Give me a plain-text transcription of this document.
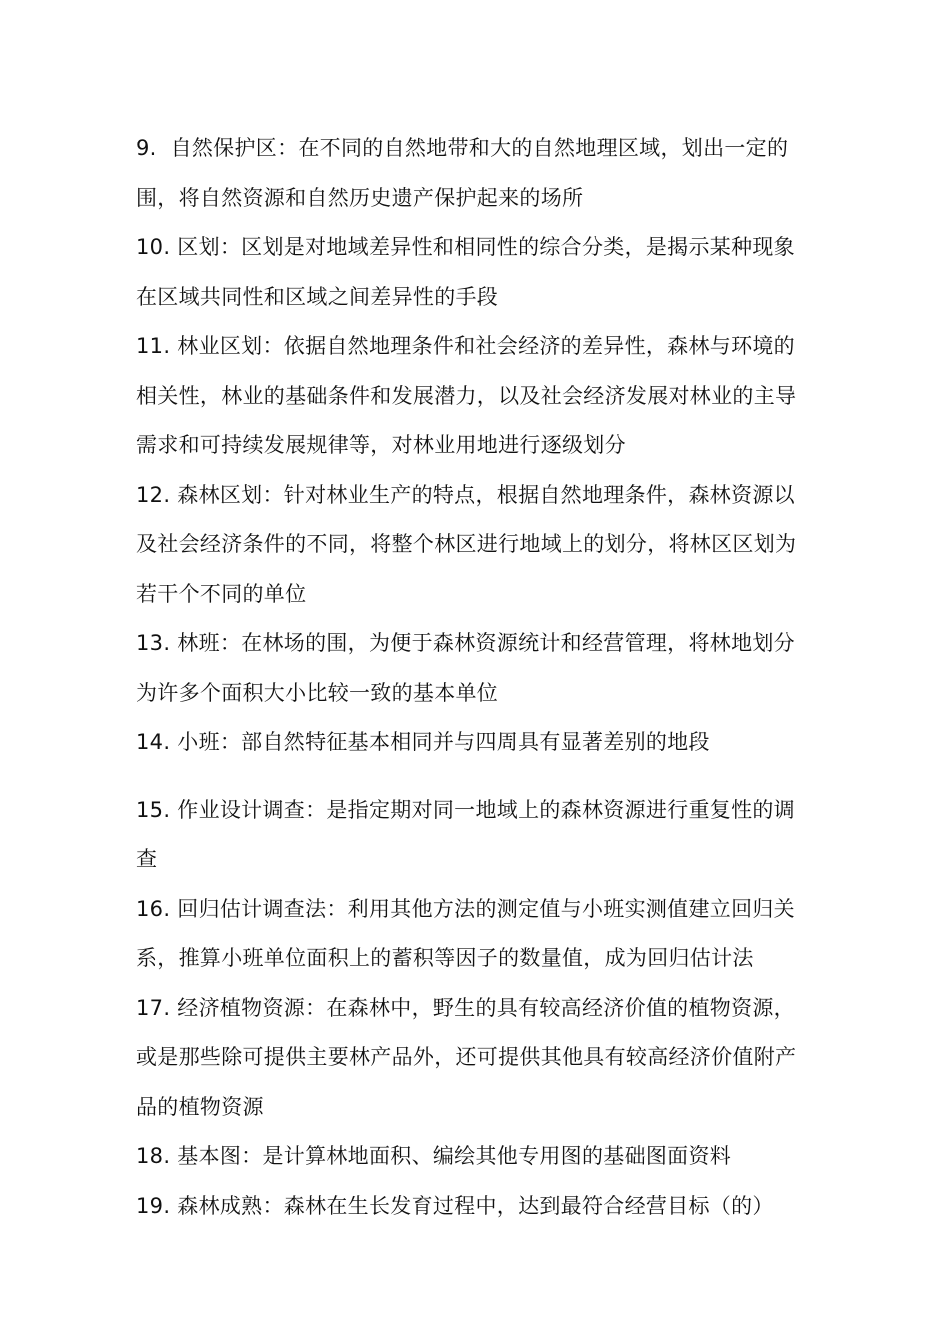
9.  自然保护区：在不同的自然地带和大的自然地理区域，划出一定的围，将自然资源和自然历史遗产保护起来的场所

10. 区划：区划是对地域差异性和相同性的综合分类，是揭示某种现象在区域共同性和区域之间差异性的手段

11. 林业区划：依据自然地理条件和社会经济的差异性，森林与环境的相关性，林业的基础条件和发展潜力，以及社会经济发展对林业的主导需求和可持续发展规律等，对林业用地进行逐级划分

12. 森林区划：针对林业生产的特点，根据自然地理条件，森林资源以及社会经济条件的不同，将整个林区进行地域上的划分，将林区区划为若干个不同的单位

13. 林班：在林场的围，为便于森林资源统计和经营管理，将林地划分为许多个面积大小比较一致的基本单位

14. 小班：部自然特征基本相同并与四周具有显著差别的地段

15. 作业设计调查：是指定期对同一地域上的森林资源进行重复性的调查

16. 回归估计调查法：利用其他方法的测定值与小班实测值建立回归关系，推算小班单位面积上的蓄积等因子的数量值，成为回归估计法

17. 经济植物资源：在森林中，野生的具有较高经济价值的植物资源，或是那些除可提供主要林产品外，还可提供其他具有较高经济价值附产品的植物资源

18. 基本图：是计算林地面积、编绘其他专用图的基础图面资料

19. 森林成熟：森林在生长发育过程中，达到最符合经营目标（的）
